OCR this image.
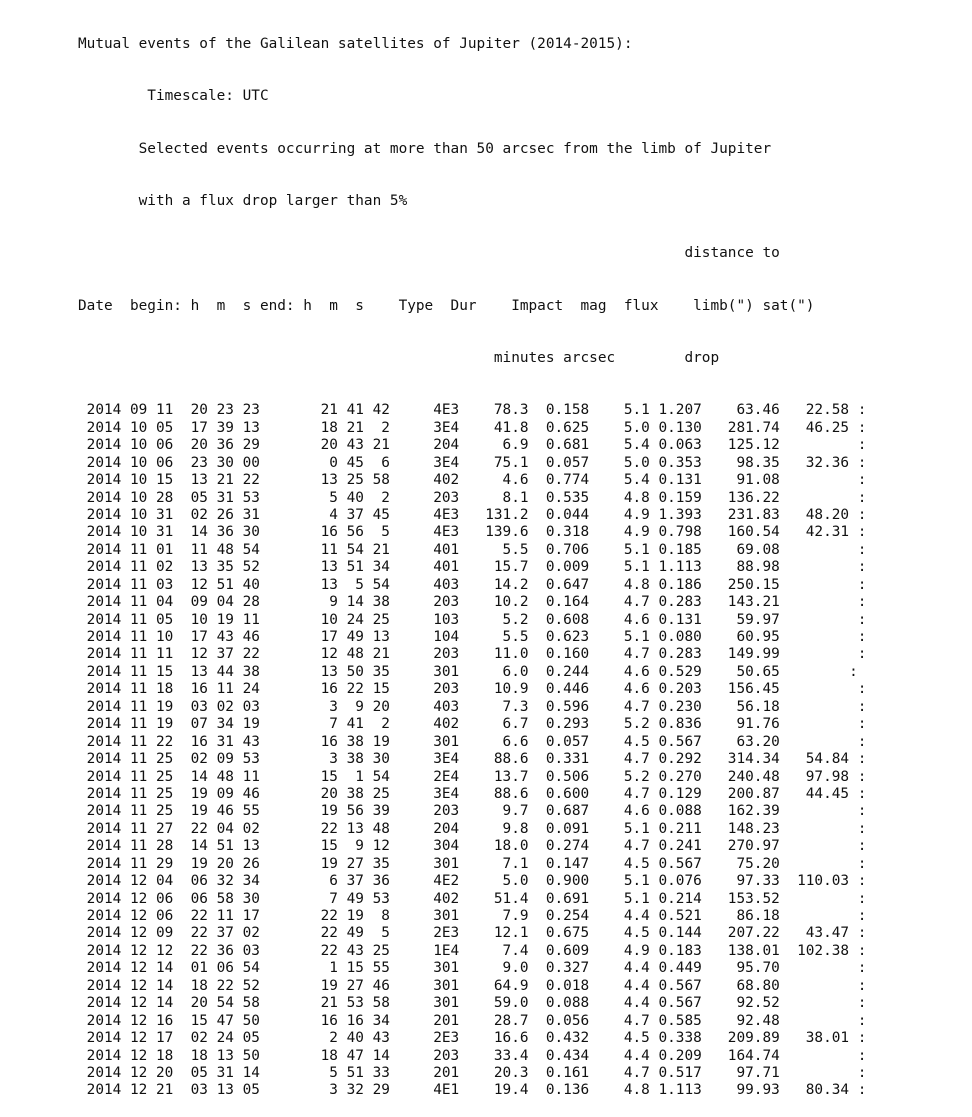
Mutual events of the Galilean satellites of Jupiter (2014-2015):

Timescale: UTC

Selected events occurring at more than 50 arcsec from the limb of Jupiter

with a flux drop larger than 5%

distance to

Date  begin: h  m  s end: h  m  s    Type  Dur    Impact  mag  flux    limb(") sat(")

minutes arcsec        drop

2014 09 11  20 23 23       21 41 42     4E3    78.3  0.158    5.1 1.207    63.46   22.58 :
2014 10 05  17 39 13       18 21  2     3E4    41.8  0.625    5.0 0.130   281.74   46.25 :
2014 10 06  20 36 29       20 43 21     204     6.9  0.681    5.4 0.063   125.12         :
2014 10 06  23 30 00        0 45  6     3E4    75.1  0.057    5.0 0.353    98.35   32.36 :
2014 10 15  13 21 22       13 25 58     402     4.6  0.774    5.4 0.131    91.08         :
2014 10 28  05 31 53        5 40  2     203     8.1  0.535    4.8 0.159   136.22         :
2014 10 31  02 26 31        4 37 45     4E3   131.2  0.044    4.9 1.393   231.83   48.20 :
2014 10 31  14 36 30       16 56  5     4E3   139.6  0.318    4.9 0.798   160.54   42.31 :
2014 11 01  11 48 54       11 54 21     401     5.5  0.706    5.1 0.185    69.08         :
2014 11 02  13 35 52       13 51 34     401    15.7  0.009    5.1 1.113    88.98         :
2014 11 03  12 51 40       13  5 54     403    14.2  0.647    4.8 0.186   250.15         :
2014 11 04  09 04 28        9 14 38     203    10.2  0.164    4.7 0.283   143.21         :
2014 11 05  10 19 11       10 24 25     103     5.2  0.608    4.6 0.131    59.97         :
2014 11 10  17 43 46       17 49 13     104     5.5  0.623    5.1 0.080    60.95         :
2014 11 11  12 37 22       12 48 21     203    11.0  0.160    4.7 0.283   149.99         :
2014 11 15  13 44 38       13 50 35     301     6.0  0.244    4.6 0.529    50.65        :
2014 11 18  16 11 24       16 22 15     203    10.9  0.446    4.6 0.203   156.45         :
2014 11 19  03 02 03        3  9 20     403     7.3  0.596    4.7 0.230    56.18         :
2014 11 19  07 34 19        7 41  2     402     6.7  0.293    5.2 0.836    91.76         :
2014 11 22  16 31 43       16 38 19     301     6.6  0.057    4.5 0.567    63.20         :
2014 11 25  02 09 53        3 38 30     3E4    88.6  0.331    4.7 0.292   314.34   54.84 :
2014 11 25  14 48 11       15  1 54     2E4    13.7  0.506    5.2 0.270   240.48   97.98 :
2014 11 25  19 09 46       20 38 25     3E4    88.6  0.600    4.7 0.129   200.87   44.45 :
2014 11 25  19 46 55       19 56 39     203     9.7  0.687    4.6 0.088   162.39         :
2014 11 27  22 04 02       22 13 48     204     9.8  0.091    5.1 0.211   148.23         :
2014 11 28  14 51 13       15  9 12     304    18.0  0.274    4.7 0.241   270.97         :
2014 11 29  19 20 26       19 27 35     301     7.1  0.147    4.5 0.567    75.20         :
2014 12 04  06 32 34        6 37 36     4E2     5.0  0.900    5.1 0.076    97.33  110.03 :
2014 12 06  06 58 30        7 49 53     402    51.4  0.691    5.1 0.214   153.52         :
2014 12 06  22 11 17       22 19  8     301     7.9  0.254    4.4 0.521    86.18         :
2014 12 09  22 37 02       22 49  5     2E3    12.1  0.675    4.5 0.144   207.22   43.47 :
2014 12 12  22 36 03       22 43 25     1E4     7.4  0.609    4.9 0.183   138.01  102.38 :
2014 12 14  01 06 54        1 15 55     301     9.0  0.327    4.4 0.449    95.70         :
2014 12 14  18 22 52       19 27 46     301    64.9  0.018    4.4 0.567    68.80         :
2014 12 14  20 54 58       21 53 58     301    59.0  0.088    4.4 0.567    92.52         :
2014 12 16  15 47 50       16 16 34     201    28.7  0.056    4.7 0.585    92.48         :
2014 12 17  02 24 05        2 40 43     2E3    16.6  0.432    4.5 0.338   209.89   38.01 :
2014 12 18  18 13 50       18 47 14     203    33.4  0.434    4.4 0.209   164.74         :
2014 12 20  05 31 14        5 51 33     201    20.3  0.161    4.7 0.517    97.71         :
2014 12 21  03 13 05        3 32 29     4E1    19.4  0.136    4.8 1.113    99.93   80.34 :
